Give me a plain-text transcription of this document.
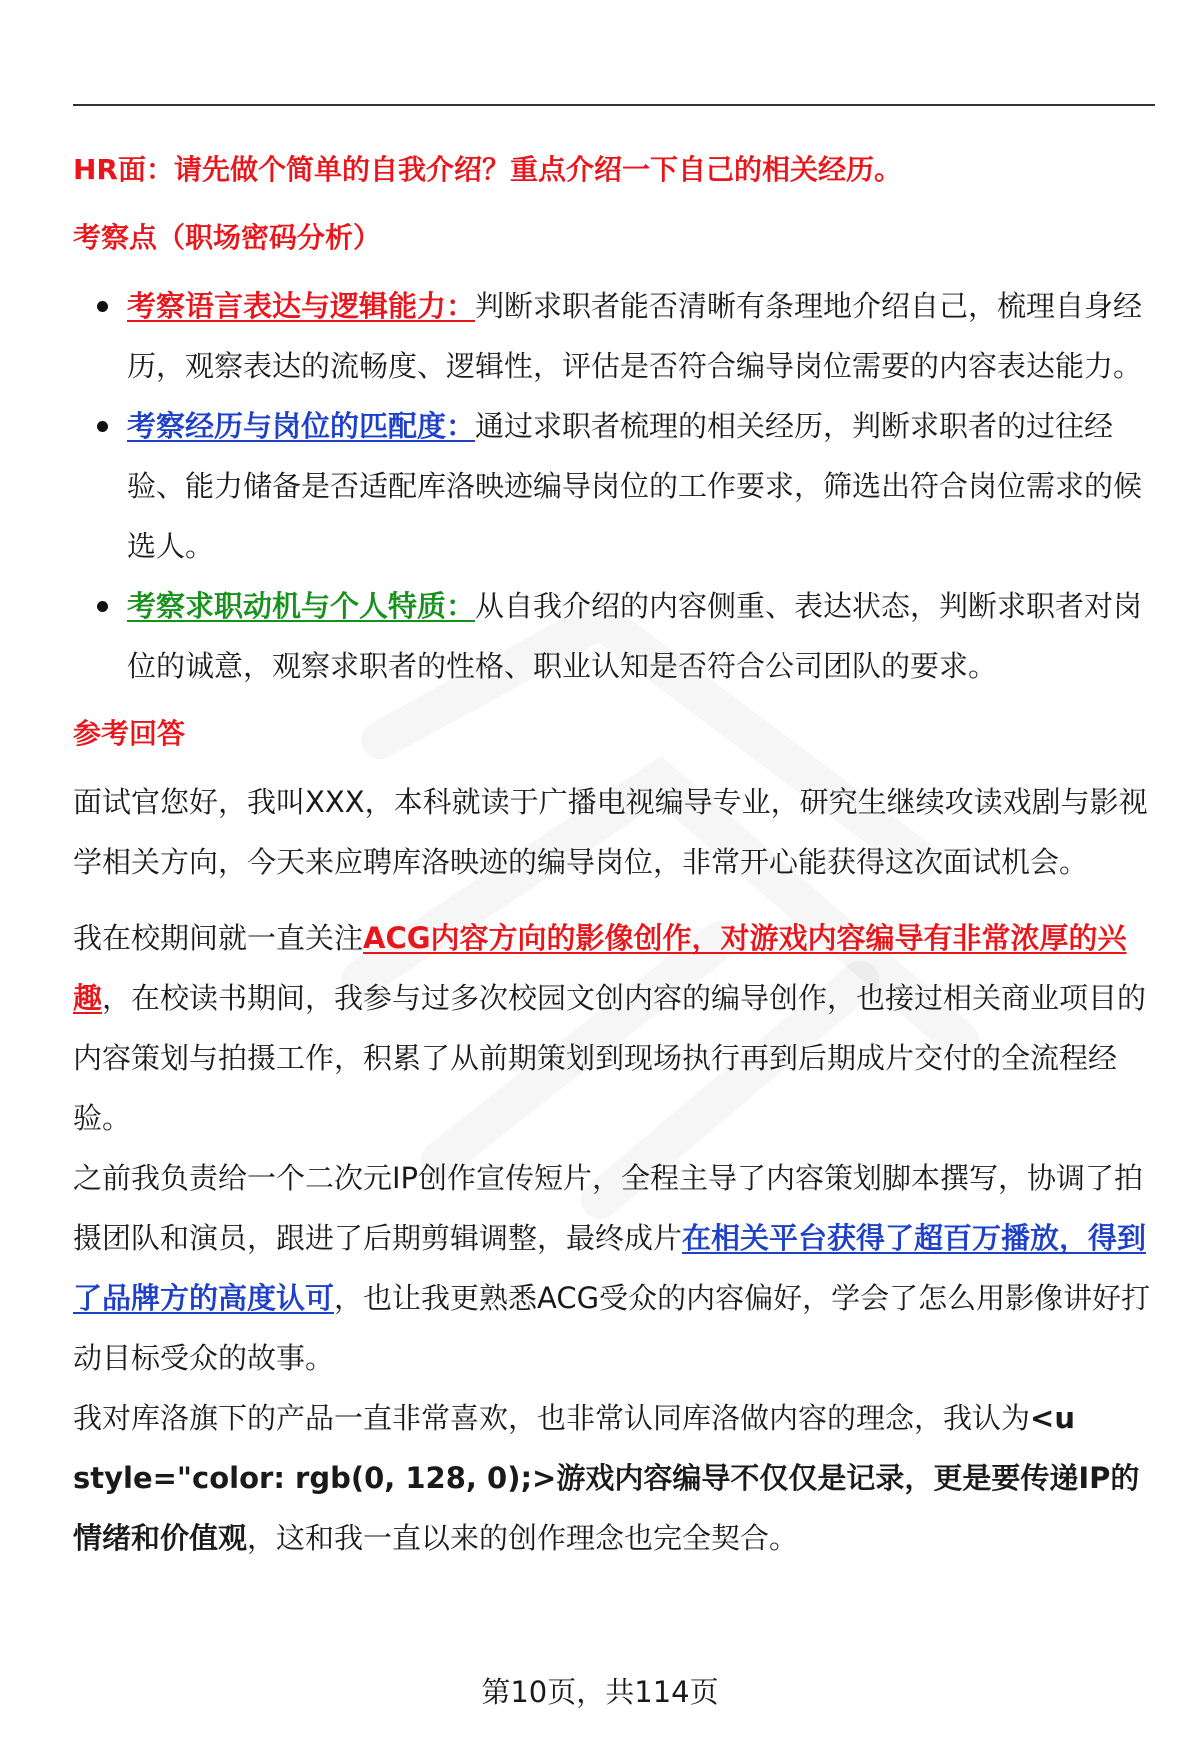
HR面：请先做个简单的自我介绍？重点介绍一下自己的相关经历。

考察点（职场密码分析）

考察语言表达与逻辑能力：判断求职者能否清晰有条理地介绍自己，梳理自身经历，观察表达的流畅度、逻辑性，评估是否符合编导岗位需要的内容表达能力。
考察经历与岗位的匹配度：通过求职者梳理的相关经历，判断求职者的过往经验、能力储备是否适配库洛映迹编导岗位的工作要求，筛选出符合岗位需求的候选人。
考察求职动机与个人特质：从自我介绍的内容侧重、表达状态，判断求职者对岗位的诚意，观察求职者的性格、职业认知是否符合公司团队的要求。

参考回答

面试官您好，我叫XXX，本科就读于广播电视编导专业，研究生继续攻读戏剧与影视学相关方向，今天来应聘库洛映迹的编导岗位，非常开心能获得这次面试机会。

我在校期间就一直关注ACG内容方向的影像创作，对游戏内容编导有非常浓厚的兴趣，在校读书期间，我参与过多次校园文创内容的编导创作，也接过相关商业项目的内容策划与拍摄工作，积累了从前期策划到现场执行再到后期成片交付的全流程经验。

之前我负责给一个二次元IP创作宣传短片，全程主导了内容策划脚本撰写，协调了拍摄团队和演员，跟进了后期剪辑调整，最终成片在相关平台获得了超百万播放，得到了品牌方的高度认可，也让我更熟悉ACG受众的内容偏好，学会了怎么用影像讲好打动目标受众的故事。

我对库洛旗下的产品一直非常喜欢，也非常认同库洛做内容的理念，我认为<u style="color: rgb(0, 128, 0);>游戏内容编导不仅仅是记录，更是要传递IP的情绪和价值观，这和我一直以来的创作理念也完全契合。

第10页，共114页
